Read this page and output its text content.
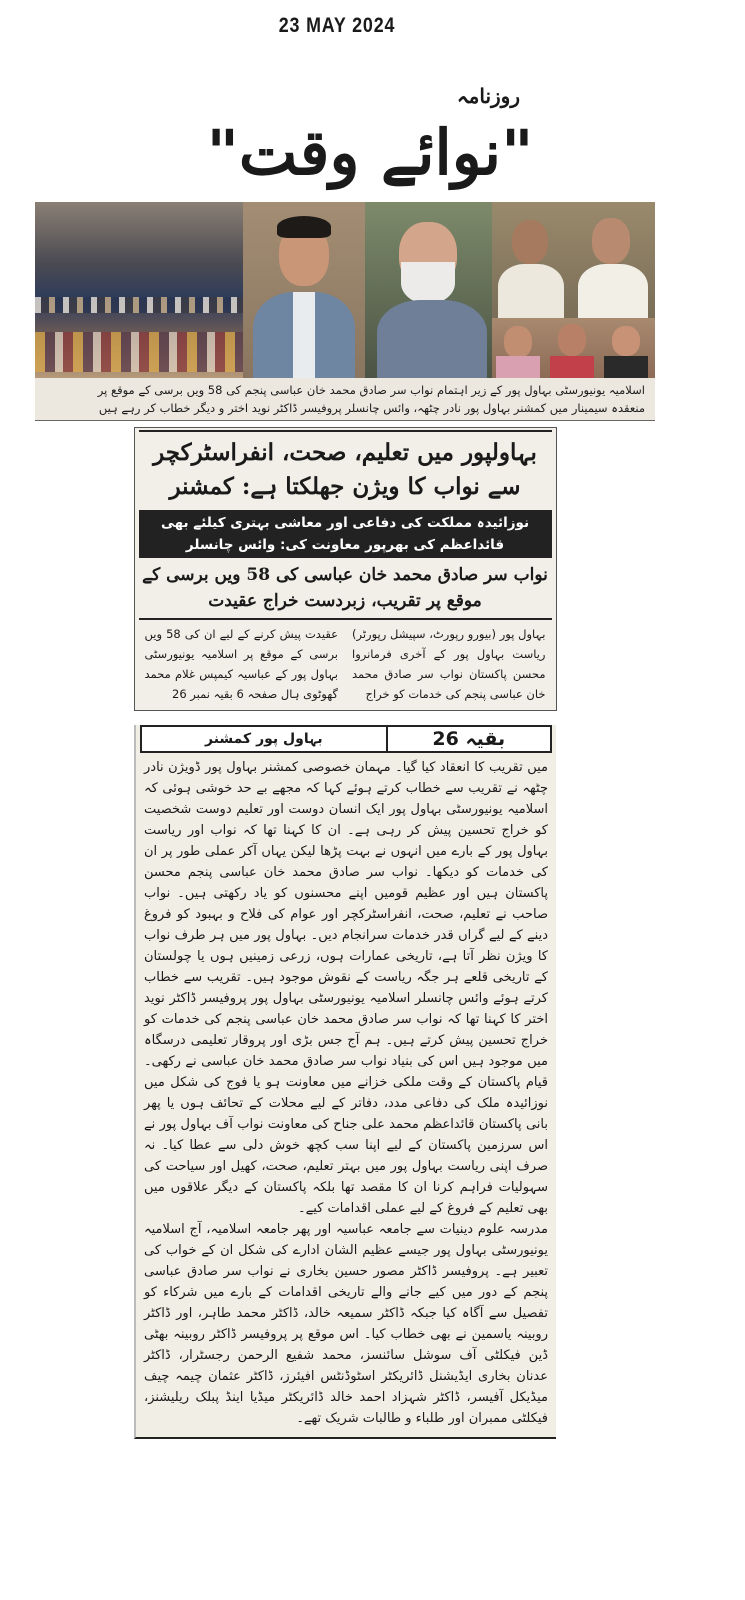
23 MAY 2024
روزنامہ
"نوائے وقت"
اسلامیہ یونیورسٹی بہاول پور کے زیر اہتمام نواب سر صادق محمد خان عباسی پنجم کی 58 ویں برسی کے موقع پر
منعقدہ سیمینار میں کمشنر بہاول پور نادر چٹھہ، وائس چانسلر پروفیسر ڈاکٹر نوید اختر و دیگر خطاب کر رہے ہیں
بہاولپور میں تعلیم، صحت، انفراسٹرکچر سے نواب کا ویژن جھلکتا ہے: کمشنر
نوزائیدہ مملکت کی دفاعی اور معاشی بہتری کیلئے بھی قائداعظم کی بھرپور معاونت کی: وائس چانسلر
نواب سر صادق محمد خان عباسی کی 58 ویں برسی کے موقع پر تقریب، زبردست خراج عقیدت
بہاول پور (بیورو رپورٹ، سپیشل رپورٹر) ریاست بہاول پور کے آخری فرمانروا محسن پاکستان نواب سر صادق محمد خان عباسی پنجم کی خدمات کو خراج
عقیدت پیش کرنے کے لیے ان کی 58 ویں برسی کے موقع پر اسلامیہ یونیورسٹی بہاول پور کے عباسیہ کیمپس غلام محمد گھوٹوی ہال صفحہ 6 بقیہ نمبر 26
بقیہ 26
بہاول پور کمشنر

میں تقریب کا انعقاد کیا گیا۔ مہمان خصوصی کمشنر بہاول پور ڈویژن نادر چٹھہ نے تقریب سے خطاب کرتے ہوئے کہا کہ مجھے بے حد خوشی ہوئی کہ اسلامیہ یونیورسٹی بہاول پور ایک انسان دوست اور تعلیم دوست شخصیت کو خراج تحسین پیش کر رہی ہے۔ ان کا کہنا تھا کہ نواب اور ریاست بہاول پور کے بارے میں انہوں نے بہت پڑھا لیکن یہاں آکر عملی طور پر ان کی خدمات کو دیکھا۔ نواب سر صادق محمد خان عباسی پنجم محسن پاکستان ہیں اور عظیم قومیں اپنے محسنوں کو یاد رکھتی ہیں۔ نواب صاحب نے تعلیم، صحت، انفراسٹرکچر اور عوام کی فلاح و بہبود کو فروغ دینے کے لیے گراں قدر خدمات سرانجام دیں۔ بہاول پور میں ہر طرف نواب کا ویژن نظر آتا ہے، تاریخی عمارات ہوں، زرعی زمینیں ہوں یا چولستان کے تاریخی قلعے ہر جگہ ریاست کے نقوش موجود ہیں۔ تقریب سے خطاب کرتے ہوئے وائس چانسلر اسلامیہ یونیورسٹی بہاول پور پروفیسر ڈاکٹر نوید اختر کا کہنا تھا کہ نواب سر صادق محمد خان عباسی پنجم کی خدمات کو خراج تحسین پیش کرتے ہیں۔ ہم آج جس بڑی اور پروقار تعلیمی درسگاہ میں موجود ہیں اس کی بنیاد نواب سر صادق محمد خان عباسی نے رکھی۔ قیام پاکستان کے وقت ملکی خزانے میں معاونت ہو یا فوج کی شکل میں نوزائیدہ ملک کی دفاعی مدد، دفاتر کے لیے محلات کے تحائف ہوں یا پھر بانی پاکستان قائداعظم محمد علی جناح کی معاونت نواب آف بہاول پور نے اس سرزمین پاکستان کے لیے اپنا سب کچھ خوش دلی سے عطا کیا۔ نہ صرف اپنی ریاست بہاول پور میں بہتر تعلیم، صحت، کھیل اور سیاحت کی سہولیات فراہم کرنا ان کا مقصد تھا بلکہ پاکستان کے دیگر علاقوں میں بھی تعلیم کے فروغ کے لیے عملی اقدامات کیے۔

مدرسہ علوم دینیات سے جامعہ عباسیہ اور پھر جامعہ اسلامیہ، آج اسلامیہ یونیورسٹی بہاول پور جیسے عظیم الشان ادارے کی شکل ان کے خواب کی تعبیر ہے۔ پروفیسر ڈاکٹر مصور حسین بخاری نے نواب سر صادق عباسی پنجم کے دور میں کیے جانے والے تاریخی اقدامات کے بارے میں شرکاء کو تفصیل سے آگاہ کیا جبکہ ڈاکٹر سمیعہ خالد، ڈاکٹر محمد طاہر، اور ڈاکٹر روبینہ یاسمین نے بھی خطاب کیا۔ اس موقع پر پروفیسر ڈاکٹر روبینہ بھٹی ڈین فیکلٹی آف سوشل سائنسز، محمد شفیع الرحمن رجسٹرار، ڈاکٹر عدنان بخاری ایڈیشنل ڈائریکٹر اسٹوڈنٹس افیئرز، ڈاکٹر عثمان چیمہ چیف میڈیکل آفیسر، ڈاکٹر شہزاد احمد خالد ڈائریکٹر میڈیا اینڈ پبلک ریلیشنز، فیکلٹی ممبران اور طلباء و طالبات شریک تھے۔
